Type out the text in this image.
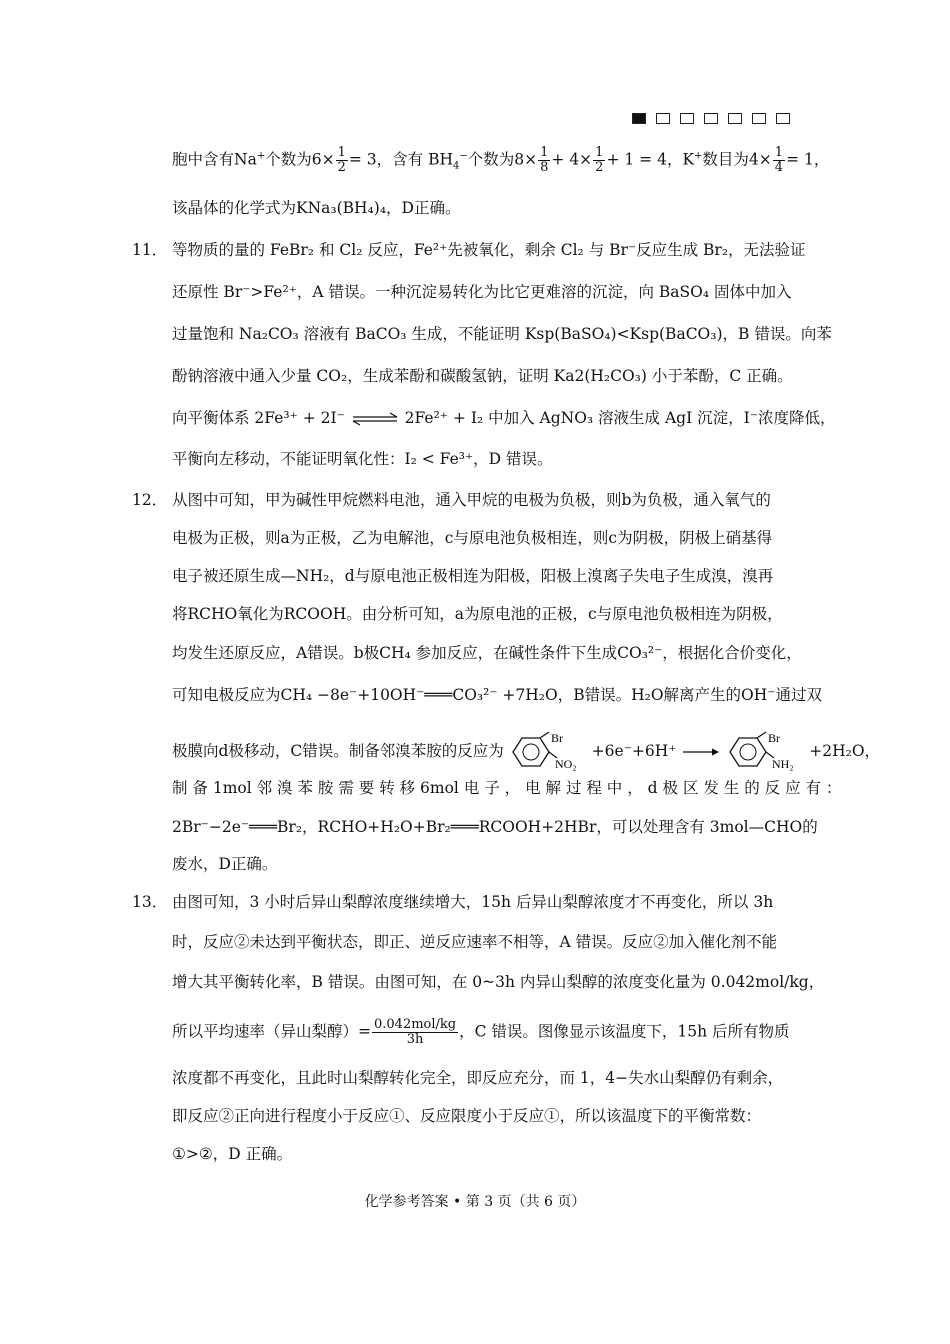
胞中含有Na+个数为$6\times \frac{1}{2} = 3$，含有 $BH_4^-$个数为$8\times \frac{1}{8} + 4\times \frac{1}{2} + 1 = 4$，K+数目为$4\times \frac{1}{4} = 1$，
该晶体的化学式为KNa₃(BH₄)₄，D正确。
11． 等物质的量的 FeBr₂ 和 Cl₂ 反应，Fe²⁺先被氧化，剩余 Cl₂ 与 Br⁻反应生成 Br₂，无法验证
还原性 Br⁻>Fe²⁺，A 错误。一种沉淀易转化为比它更难溶的沉淀，向 BaSO₄ 固体中加入
过量饱和 Na₂CO₃ 溶液有 BaCO₃ 生成，不能证明 Ksp(BaSO₄)<Ksp(BaCO₃)，B 错误。向苯
酚钠溶液中通入少量 CO₂，生成苯酚和碳酸氢钠，证明 Ka2(H₂CO₃) 小于苯酚，C 正确。
向平衡体系 2Fe³⁺ + 2I⁻ ⇌ 2Fe²⁺ + I₂ 中加入 AgNO₃ 溶液生成 AgI 沉淀，I⁻浓度降低，
平衡向左移动，不能证明氧化性：I₂ < Fe³⁺，D 错误。
12． 从图中可知，甲为碱性甲烷燃料电池，通入甲烷的电极为负极，则b为负极，通入氧气的
电极为正极，则a为正极，乙为电解池，c与原电池负极相连，则c为阴极，阴极上硝基得
电子被还原生成—NH₂，d与原电池正极相连为阳极，阳极上溴离子失电子生成溴，溴再
将RCHO氧化为RCOOH。由分析可知，a为原电池的正极，c与原电池负极相连为阴极，
均发生还原反应，A错误。b极CH₄ 参加反应，在碱性条件下生成CO₃²⁻，根据化合价变化，
可知电极反应为CH₄ −8e⁻+10OH⁻═══CO₃²⁻ +7H₂O，B错误。H₂O解离产生的OH⁻通过双
极膜向d极移动，C错误。制备邻溴苯胺的反应为
Br
NO₂
+6e⁻+6H⁺ →
Br
NH₂
+2H₂O，
制 备 1mol 邻 溴 苯 胺 需 要 转 移 6mol 电 子 ， 电 解 过 程 中 ， d 极 区 发 生 的 反 应 有 ：
2Br⁻−2e⁻═══Br₂，RCHO+H₂O+Br₂═══RCOOH+2HBr，可以处理含有 3mol—CHO的
废水，D正确。
13． 由图可知，3 小时后异山梨醇浓度继续增大，15h 后异山梨醇浓度才不再变化，所以 3h
时，反应②未达到平衡状态，即正、逆反应速率不相等，A 错误。反应②加入催化剂不能
增大其平衡转化率，B 错误。由图可知，在 0~3h 内异山梨醇的浓度变化量为 0.042mol/kg，
所以平均速率（异山梨醇）= 0.042mol/kg
3h	，C 错误。图像显示该温度下，15h 后所有物质
浓度都不再变化，且此时山梨醇转化完全，即反应充分，而 1，4−失水山梨醇仍有剩余，
即反应②正向进行程度小于反应①、反应限度小于反应①，所以该温度下的平衡常数：
①>②，D 正确。
化学参考答案 • 第 3 页（共 6 页）
